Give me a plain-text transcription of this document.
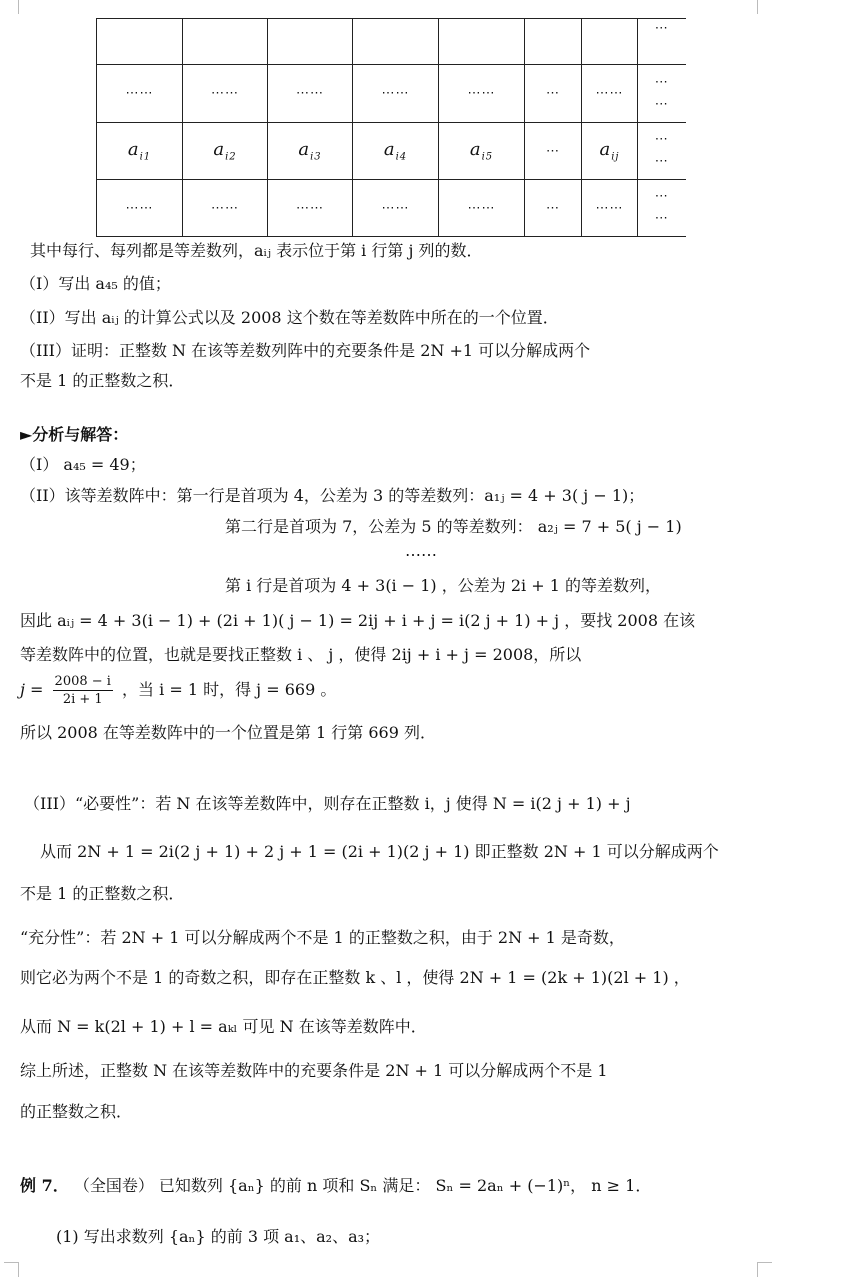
							⋯
⋯⋯	⋯⋯	⋯⋯	⋯⋯	⋯⋯	⋯	⋯⋯	⋯
⋯

$a_{i1}$	$a_{i2}$	$a_{i3}$	$a_{i4}$	$a_{i5}$	⋯	$a_{ij}$	⋯
⋯

⋯⋯	⋯⋯	⋯⋯	⋯⋯	⋯⋯	⋯	⋯⋯	⋯
⋯
其中每行、每列都是等差数列，aᵢⱼ 表示位于第 i 行第 j 列的数．
（I）写出 a₄₅ 的值；
（II）写出 aᵢⱼ 的计算公式以及 2008 这个数在等差数阵中所在的一个位置．
（III）证明：正整数 N 在该等差数列阵中的充要条件是 2N +1 可以分解成两个
不是 1 的正整数之积．
►分析与解答：
（I） a₄₅ = 49；
（II）该等差数阵中：第一行是首项为 4，公差为 3 的等差数列：a₁ⱼ = 4 + 3( j − 1)；
第二行是首项为 7，公差为 5 的等差数列： a₂ⱼ = 7 + 5( j − 1)
⋯⋯
第 i 行是首项为 4 + 3(i − 1) ，公差为 2i + 1 的等差数列，
因此 aᵢⱼ = 4 + 3(i − 1) + (2i + 1)( j − 1) = 2ij + i + j = i(2 j + 1) + j ，要找 2008 在该
等差数阵中的位置，也就是要找正整数 i 、 j ，使得 2ij + i + j = 2008，所以
$j = \frac{2008 - i}{2i + 1}$ ，当 i = 1 时，得 j = 669 。
所以 2008 在等差数阵中的一个位置是第 1 行第 669 列．
（III）“必要性”：若 N 在该等差数阵中，则存在正整数 i，j 使得 N = i(2 j + 1) + j
从而 2N + 1 = 2i(2 j + 1) + 2 j + 1 = (2i + 1)(2 j + 1) 即正整数 2N + 1 可以分解成两个
不是 1 的正整数之积．
“充分性”：若 2N + 1 可以分解成两个不是 1 的正整数之积，由于 2N + 1 是奇数，
则它必为两个不是 1 的奇数之积，即存在正整数 k 、l ，使得 2N + 1 = (2k + 1)(2l + 1) ，
从而 N = k(2l + 1) + l = aₖₗ 可见 N 在该等差数阵中．
综上所述，正整数 N 在该等差数阵中的充要条件是 2N + 1 可以分解成两个不是 1
的正整数之积．
例 7． （全国卷） 已知数列 {aₙ} 的前 n 项和 Sₙ 满足： Sₙ = 2aₙ + (−1)ⁿ， n ≥ 1．
(1) 写出求数列 {aₙ} 的前 3 项 a₁、a₂、a₃；
